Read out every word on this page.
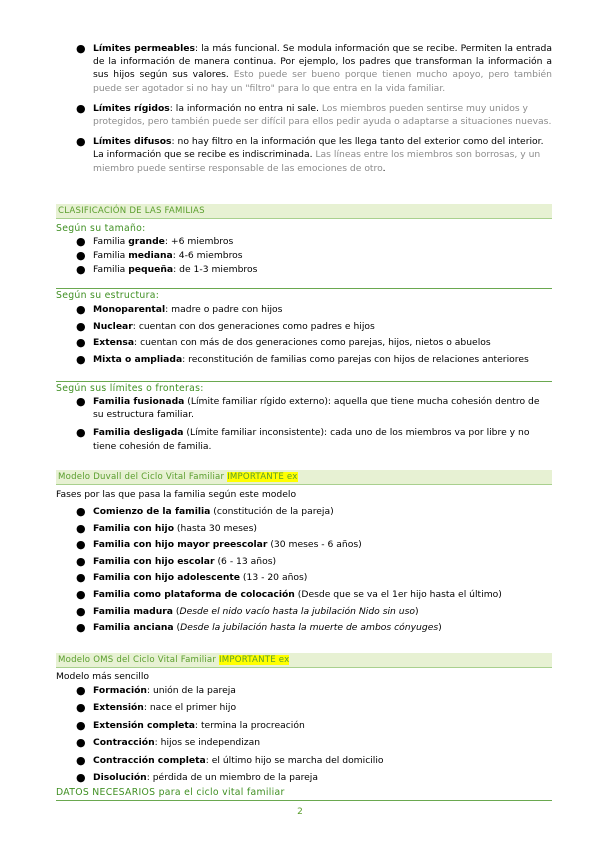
● Límites permeables: la más funcional. Se modula información que se recibe. Permiten la entrada de la información de manera continua. Por ejemplo, los padres que transforman la información a sus hijos según sus valores. Esto puede ser bueno porque tienen mucho apoyo, pero también puede ser agotador si no hay un "filtro" para lo que entra en la vida familiar.
● Límites rígidos: la información no entra ni sale. Los miembros pueden sentirse muy unidos y protegidos, pero también puede ser difícil para ellos pedir ayuda o adaptarse a situaciones nuevas.
● Límites difusos: no hay filtro en la información que les llega tanto del exterior como del interior. La información que se recibe es indiscriminada. Las líneas entre los miembros son borrosas, y un miembro puede sentirse responsable de las emociones de otro.
CLASIFICACIÓN DE LAS FAMILIAS
Según su tamaño:
● Familia grande: +6 miembros
● Familia mediana: 4-6 miembros
● Familia pequeña: de 1-3 miembros
Según su estructura:
● Monoparental: madre o padre con hijos
● Nuclear: cuentan con dos generaciones como padres e hijos
● Extensa: cuentan con más de dos generaciones como parejas, hijos, nietos o abuelos
● Mixta o ampliada: reconstitución de familias como parejas con hijos de relaciones anteriores
Según sus límites o fronteras:
● Familia fusionada (Límite familiar rígido externo): aquella que tiene mucha cohesión dentro de su estructura familiar.
● Familia desligada (Límite familiar inconsistente): cada uno de los miembros va por libre y no tiene cohesión de familia.
Modelo Duvall del Ciclo Vital Familiar IMPORTANTE ex
Fases por las que pasa la familia según este modelo
● Comienzo de la familia (constitución de la pareja)
● Familia con hijo (hasta 30 meses)
● Familia con hijo mayor preescolar (30 meses - 6 años)
● Familia con hijo escolar (6 - 13 años)
● Familia con hijo adolescente (13 - 20 años)
● Familia como plataforma de colocación (Desde que se va el 1er hijo hasta el último)
● Familia madura (Desde el nido vacío hasta la jubilación Nido sin uso)
● Familia anciana (Desde la jubilación hasta la muerte de ambos cónyuges)
Modelo OMS del Ciclo Vital Familiar IMPORTANTE ex
Modelo más sencillo
● Formación: unión de la pareja
● Extensión: nace el primer hijo
● Extensión completa: termina la procreación
● Contracción: hijos se independizan
● Contracción completa: el último hijo se marcha del domicilio
● Disolución: pérdida de un miembro de la pareja
DATOS NECESARIOS para el ciclo vital familiar
2
